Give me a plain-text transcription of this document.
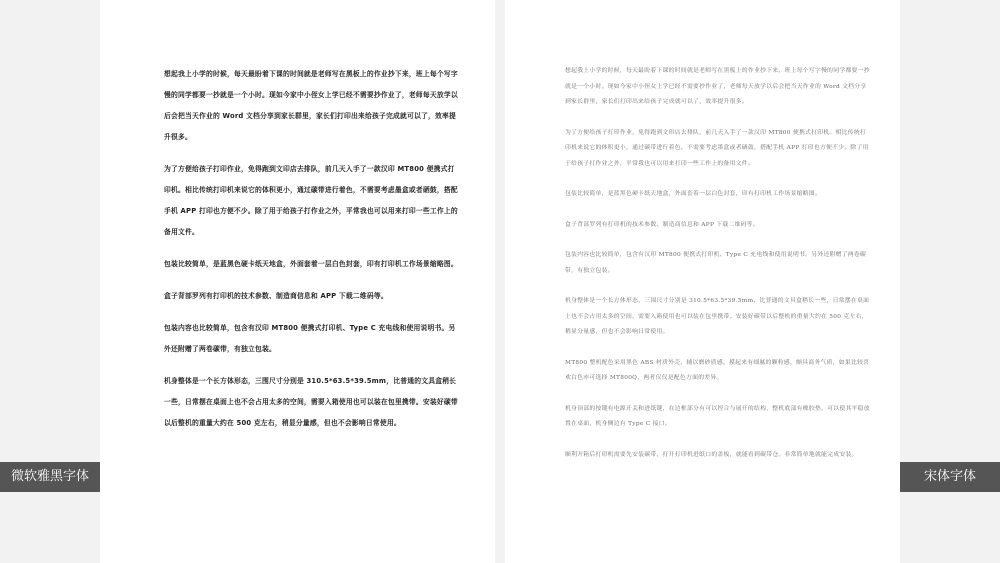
想起我上小学的时候，每天最盼着下课的时间就是老师写在黑板上的作业抄下来，班上每个写字慢的同学都要一抄就是一个小时。现如今家中小侄女上学已经不需要抄作业了，老师每天放学以后会把当天作业的 Word 文档分享到家长群里，家长们打印出来给孩子完成就可以了，效率提升很多。

为了方便给孩子打印作业，免得跑到文印店去排队，前几天入手了一款汉印 MT800 便携式打印机。相比传统打印机来说它的体积更小，通过碳带进行着色，不需要考虑墨盒或者硒鼓，搭配手机 APP 打印也方便不少。除了用于给孩子打作业之外，平常我也可以用来打印一些工作上的备用文件。

包装比较简单，是蓝黑色硬卡纸天地盒，外面套着一层白色封套，印有打印机工作场景缩略图。

盒子背部罗列有打印机的技术参数、制造商信息和 APP 下载二维码等。

包装内容也比较简单，包含有汉印 MT800 便携式打印机、Type C 充电线和使用说明书。另外还附赠了两卷碳带，有独立包装。

机身整体是一个长方体形态，三围尺寸分别是 310.5*63.5*39.5mm，比普通的文具盒稍长一些，日常摆在桌面上也不会占用太多的空间，需要入箱使用也可以装在包里携带。安装好碳带以后整机的重量大约在 500 克左右，稍显分量感，但也不会影响日常使用。

想起我上小学的时候，每天最盼着下课的时间就是老师写在黑板上的作业抄下来，班上每个写字慢的同学都要一抄就是一个小时。现如今家中小侄女上学已经不需要抄作业了，老师每天放学以后会把当天作业的 Word 文档分享到家长群里，家长们打印出来给孩子完成就可以了，效率提升很多。

为了方便给孩子打印作业，免得跑到文印店去排队，前几天入手了一款汉印 MT800 便携式打印机。相比传统打印机来说它的体积更小，通过碳带进行着色，不需要考虑墨盒或者硒鼓，搭配手机 APP 打印也方便不少。除了用于给孩子打作业之外，平常我也可以用来打印一些工作上的备用文件。

包装比较简单，是蓝黑色硬卡纸天地盒，外面套着一层白色封套，印有打印机工作场景缩略图。

盒子背部罗列有打印机的技术参数、制造商信息和 APP 下载二维码等。

包装内容也比较简单，包含有汉印 MT800 便携式打印机、Type C 充电线和使用说明书。另外还附赠了两卷碳带，有独立包装。

机身整体是一个长方体形态，三围尺寸分别是 310.5*63.5*39.5mm，比普通的文具盒稍长一些，日常摆在桌面上也不会占用太多的空间，需要入箱使用也可以装在包里携带。安装好碳带以后整机的重量大约在 500 克左右，稍显分量感，但也不会影响日常使用。

MT800 整机配色采用黑色 ABS 材质外壳，辅以磨砂质感，摸起来有细腻的颗粒感，颇具商务气质，如果比较喜欢白色亦可选择 MT800Q，两者仅仅是配色方面的差异。

机身顶部的按键有电源开关和进纸键，在边框部分有可以捏合与展开的结构，整机底部有橡胶垫，可以使其平稳放置在桌面，机身侧边有 Type C 接口。

顺利开箱后打印机需要先安装碳带，打开打印机进纸口的盖板，就能看到碳带仓。非常简单地就能完成安装。

微软雅黑字体	宋体字体
